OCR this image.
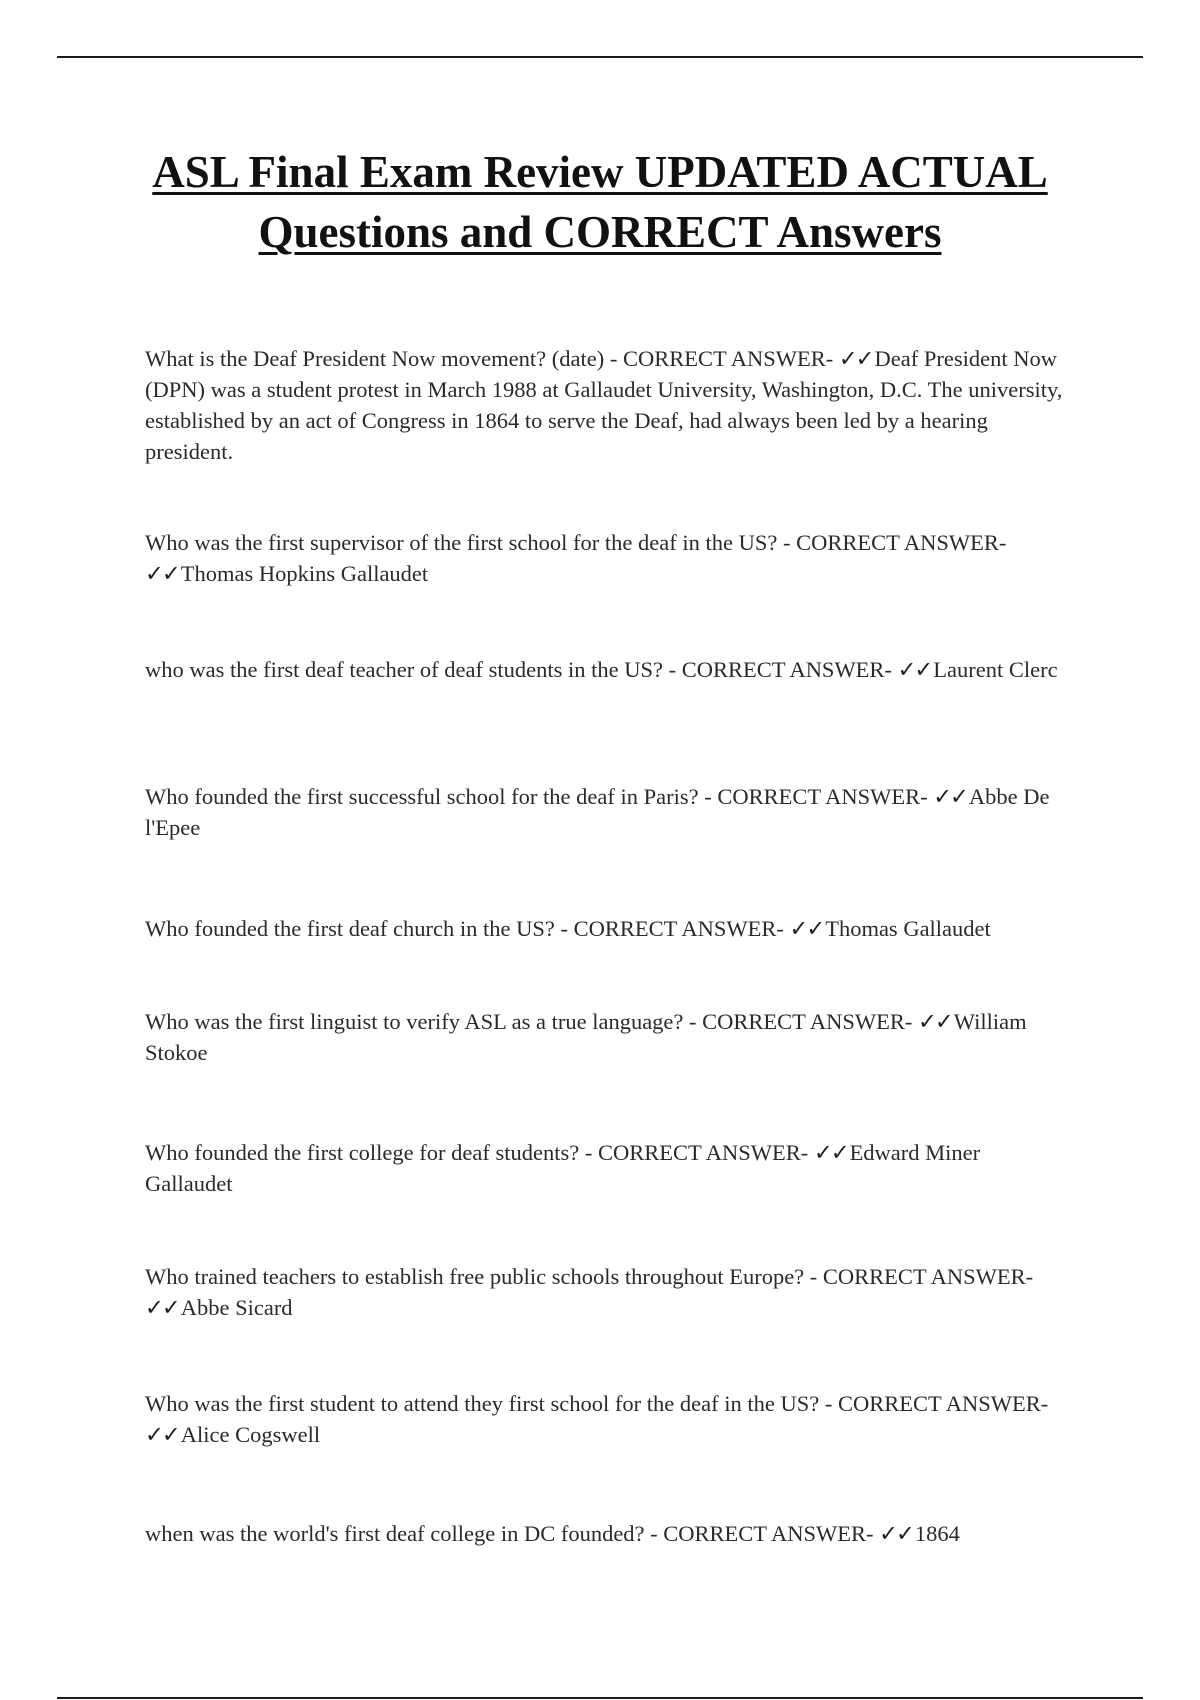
ASL Final Exam Review UPDATED ACTUAL Questions and CORRECT Answers

What is the Deaf President Now movement? (date) - CORRECT ANSWER- ✓✓Deaf President Now (DPN) was a student protest in March 1988 at Gallaudet University, Washington, D.C. The university, established by an act of Congress in 1864 to serve the Deaf, had always been led by a hearing president.

Who was the first supervisor of the first school for the deaf in the US? - CORRECT ANSWER- ✓✓Thomas Hopkins Gallaudet

who was the first deaf teacher of deaf students in the US? - CORRECT ANSWER- ✓✓Laurent Clerc

Who founded the first successful school for the deaf in Paris? - CORRECT ANSWER- ✓✓Abbe De l'Epee

Who founded the first deaf church in the US? - CORRECT ANSWER- ✓✓Thomas Gallaudet

Who was the first linguist to verify ASL as a true language? - CORRECT ANSWER- ✓✓William Stokoe

Who founded the first college for deaf students? - CORRECT ANSWER- ✓✓Edward Miner Gallaudet

Who trained teachers to establish free public schools throughout Europe? - CORRECT ANSWER- ✓✓Abbe Sicard

Who was the first student to attend they first school for the deaf in the US? - CORRECT ANSWER- ✓✓Alice Cogswell

when was the world's first deaf college in DC founded? - CORRECT ANSWER- ✓✓1864
